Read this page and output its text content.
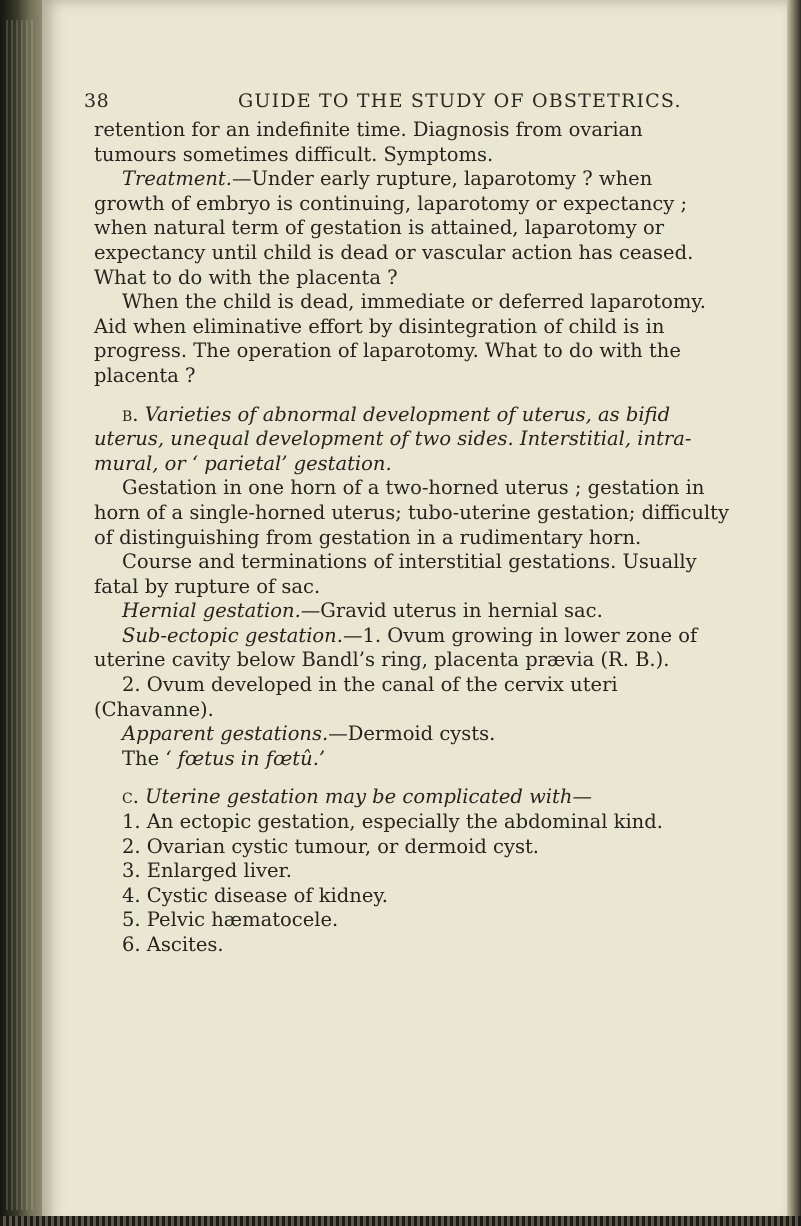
38	GUIDE TO THE STUDY OF OBSTETRICS.
retention for an indefinite time. Diagnosis from ovarian
tumours sometimes difficult. Symptoms.
Treatment.—Under early rupture, laparotomy ? when
growth of embryo is continuing, laparotomy or expectancy ;
when natural term of gestation is attained, laparotomy or
expectancy until child is dead or vascular action has ceased.
What to do with the placenta ?
When the child is dead, immediate or deferred laparotomy.
Aid when eliminative effort by disintegration of child is in
progress. The operation of laparotomy. What to do with the
placenta ?
b. Varieties of abnormal development of uterus, as bifid
uterus, unequal development of two sides. Interstitial, intra-
mural, or ‘ parietal’ gestation.
Gestation in one horn of a two-horned uterus ; gestation in
horn of a single-horned uterus; tubo-uterine gestation; difficulty
of distinguishing from gestation in a rudimentary horn.
Course and terminations of interstitial gestations. Usually
fatal by rupture of sac.
Hernial gestation.—Gravid uterus in hernial sac.
Sub-ectopic gestation.—1. Ovum growing in lower zone of
uterine cavity below Bandl’s ring, placenta prævia (R. B.).
2. Ovum developed in the canal of the cervix uteri
(Chavanne).
Apparent gestations.—Dermoid cysts.
The ‘ fœtus in fœtû.’
c. Uterine gestation may be complicated with—
1. An ectopic gestation, especially the abdominal kind.
2. Ovarian cystic tumour, or dermoid cyst.
3. Enlarged liver.
4. Cystic disease of kidney.
5. Pelvic hæmatocele.
6. Ascites.
